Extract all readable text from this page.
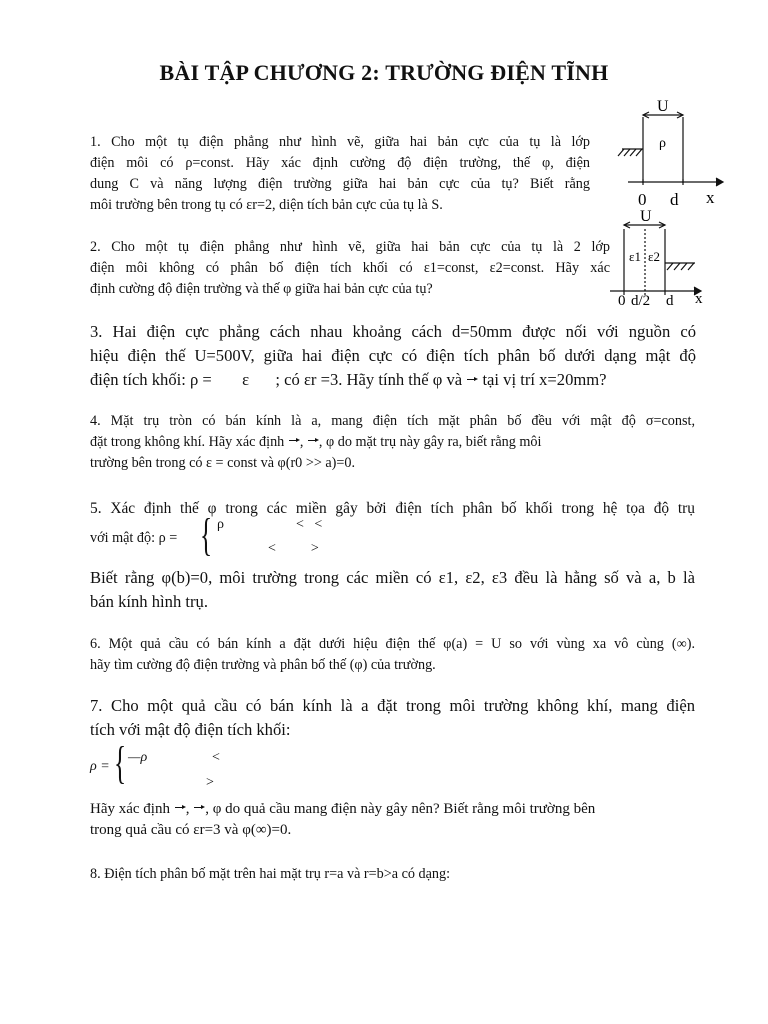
BÀI TẬP CHƯƠNG 2: TRƯỜNG ĐIỆN TĨNH
1. Cho một tụ điện phẳng như hình vẽ, giữa hai bản cực của tụ là lớp
điện môi có ρ=const. Hãy xác định cường độ điện trường, thế φ, điện
dung C và năng lượng điện trường giữa hai bản cực của tụ? Biết rằng
môi trường bên trong tụ có εr=2, diện tích bản cực của tụ là S.
U
ρ
0 d x
2. Cho một tụ điện phẳng như hình vẽ, giữa hai bản cực của tụ là 2 lớp
điện môi không có phân bố điện tích khối có ε1=const, ε2=const. Hãy xác
định cường độ điện trường và thế φ giữa hai bản cực của tụ?
U
ε1 ε2
0 d/2 d x
3. Hai điện cực phẳng cách nhau khoảng cách d=50mm được nối với nguồn có
hiệu điện thế U=500V, giữa hai điện cực có điện tích phân bố dưới dạng mật độ
điện tích khối: ρ = ε ; có εr =3. Hãy tính thế φ và tại vị trí x=20mm?
4. Mặt trụ tròn có bán kính là a, mang điện tích mặt phân bố đều với mật độ σ=const,
đặt trong không khí. Hãy xác định , , φ do mặt trụ này gây ra, biết rằng môi
trường bên trong có ε = const và φ(r0 >> a)=0.
5. Xác định thế φ trong các miền gây bởi điện tích phân bố khối trong hệ tọa độ trụ
với mật độ: ρ = { ρ	<   <
<          >
Biết rằng φ(b)=0, môi trường trong các miền có ε1, ε2, ε3 đều là hằng số và a, b là
bán kính hình trụ.
6. Một quả cầu có bán kính a đặt dưới hiệu điện thế φ(a) = U so với vùng xa vô cùng (∞).
hãy tìm cường độ điện trường và phân bố thế (φ) của trường.
7. Cho một quả cầu có bán kính là a đặt trong môi trường không khí, mang điện
tích với mật độ điện tích khối:
ρ = { —ρ	<
>
Hãy xác định , , φ do quả cầu mang điện này gây nên? Biết rằng môi trường bên
trong quả cầu có εr=3 và φ(∞)=0.
8. Điện tích phân bố mặt trên hai mặt trụ r=a và r=b>a có dạng:
